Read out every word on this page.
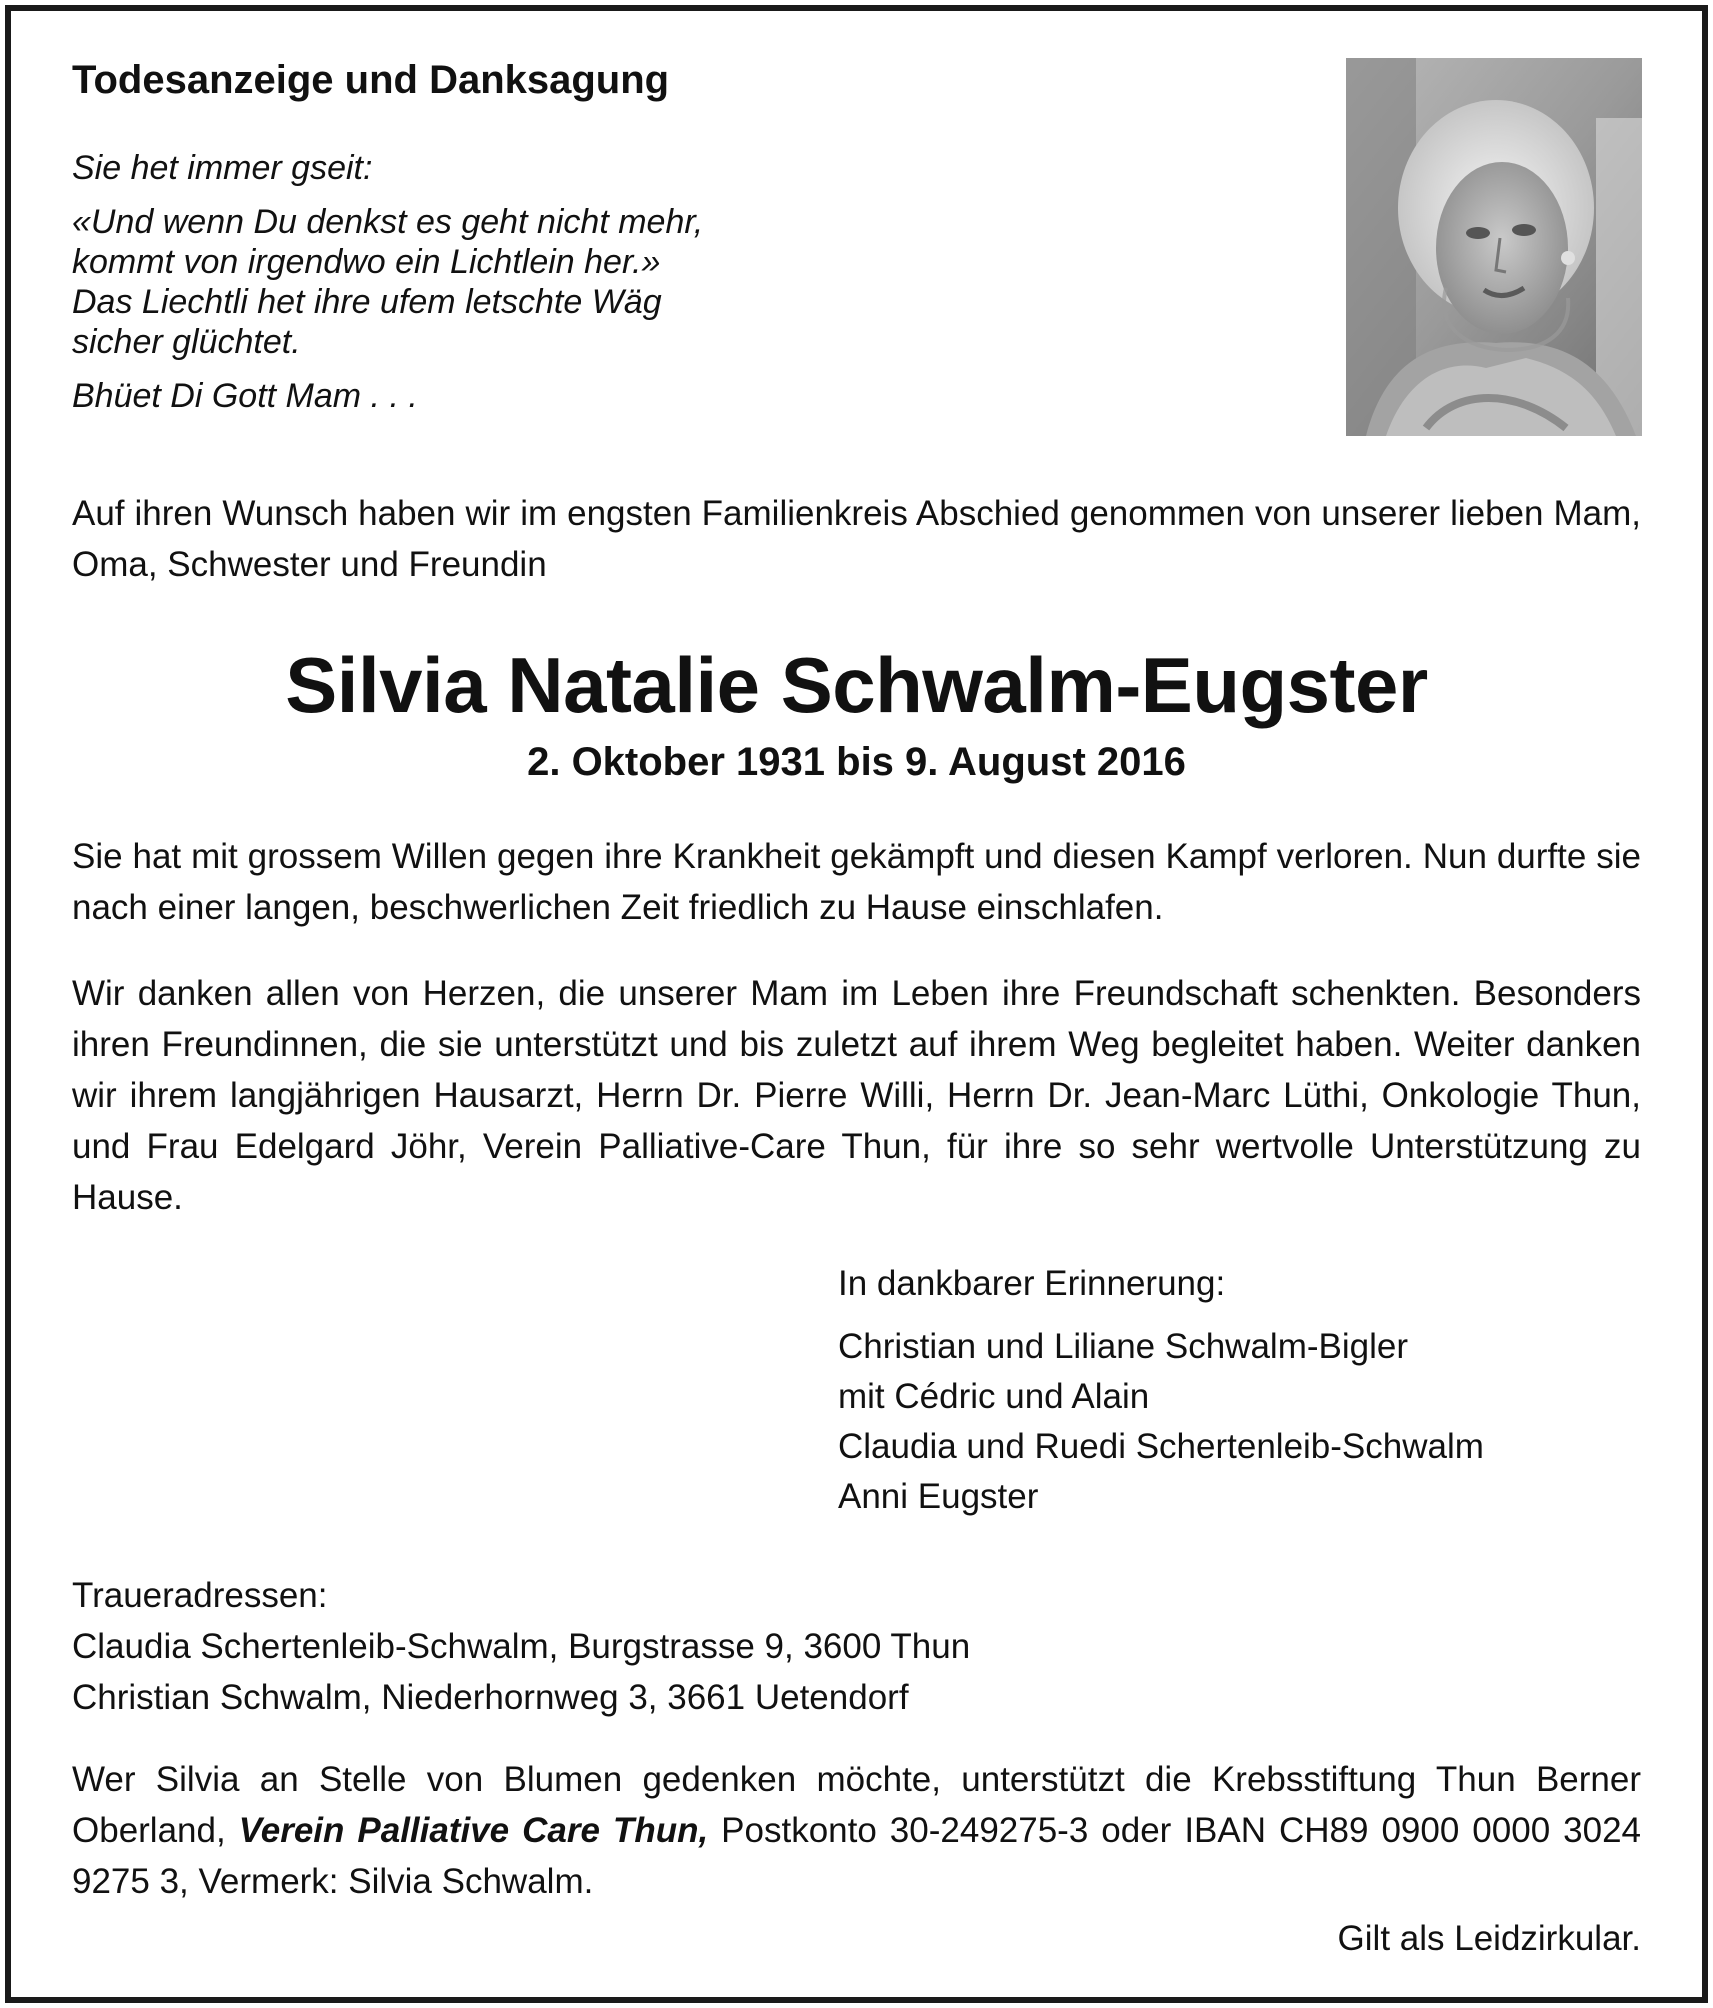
Todesanzeige und Danksagung

Sie het immer gseit:

«Und wenn Du denkst es geht nicht mehr,
kommt von irgendwo ein Lichtlein her.»
Das Liechtli het ihre ufem letschte Wäg
sicher glüchtet.

Bhüet Di Gott Mam . . .

Auf ihren Wunsch haben wir im engsten Familienkreis Abschied genommen von unserer lieben Mam, Oma, Schwester und Freundin
Silvia Natalie Schwalm-Eugster
2. Oktober 1931 bis 9. August 2016
Sie hat mit grossem Willen gegen ihre Krankheit gekämpft und diesen Kampf verloren. Nun durfte sie nach einer langen, beschwerlichen Zeit friedlich zu Hause einschlafen.
Wir danken allen von Herzen, die unserer Mam im Leben ihre Freundschaft schenkten. Besonders ihren Freundinnen, die sie unterstützt und bis zuletzt auf ihrem Weg begleitet haben. Weiter danken wir ihrem langjährigen Hausarzt, Herrn Dr. Pierre Willi, Herrn Dr. Jean-Marc Lüthi, Onkologie Thun, und Frau Edelgard Jöhr, Verein Palliative-Care Thun, für ihre so sehr wertvolle Unterstützung zu Hause.
In dankbarer Erinnerung:
Christian und Liliane Schwalm-Bigler
mit Cédric und Alain
Claudia und Ruedi Schertenleib-Schwalm
Anni Eugster
Traueradressen:
Claudia Schertenleib-Schwalm, Burgstrasse 9, 3600 Thun
Christian Schwalm, Niederhornweg 3, 3661 Uetendorf
Wer Silvia an Stelle von Blumen gedenken möchte, unterstützt die Krebsstiftung Thun Berner Oberland, Verein Palliative Care Thun, Postkonto 30-249275-3 oder IBAN CH89 0900 0000 3024 9275 3, Vermerk: Silvia Schwalm.
Gilt als Leidzirkular.
